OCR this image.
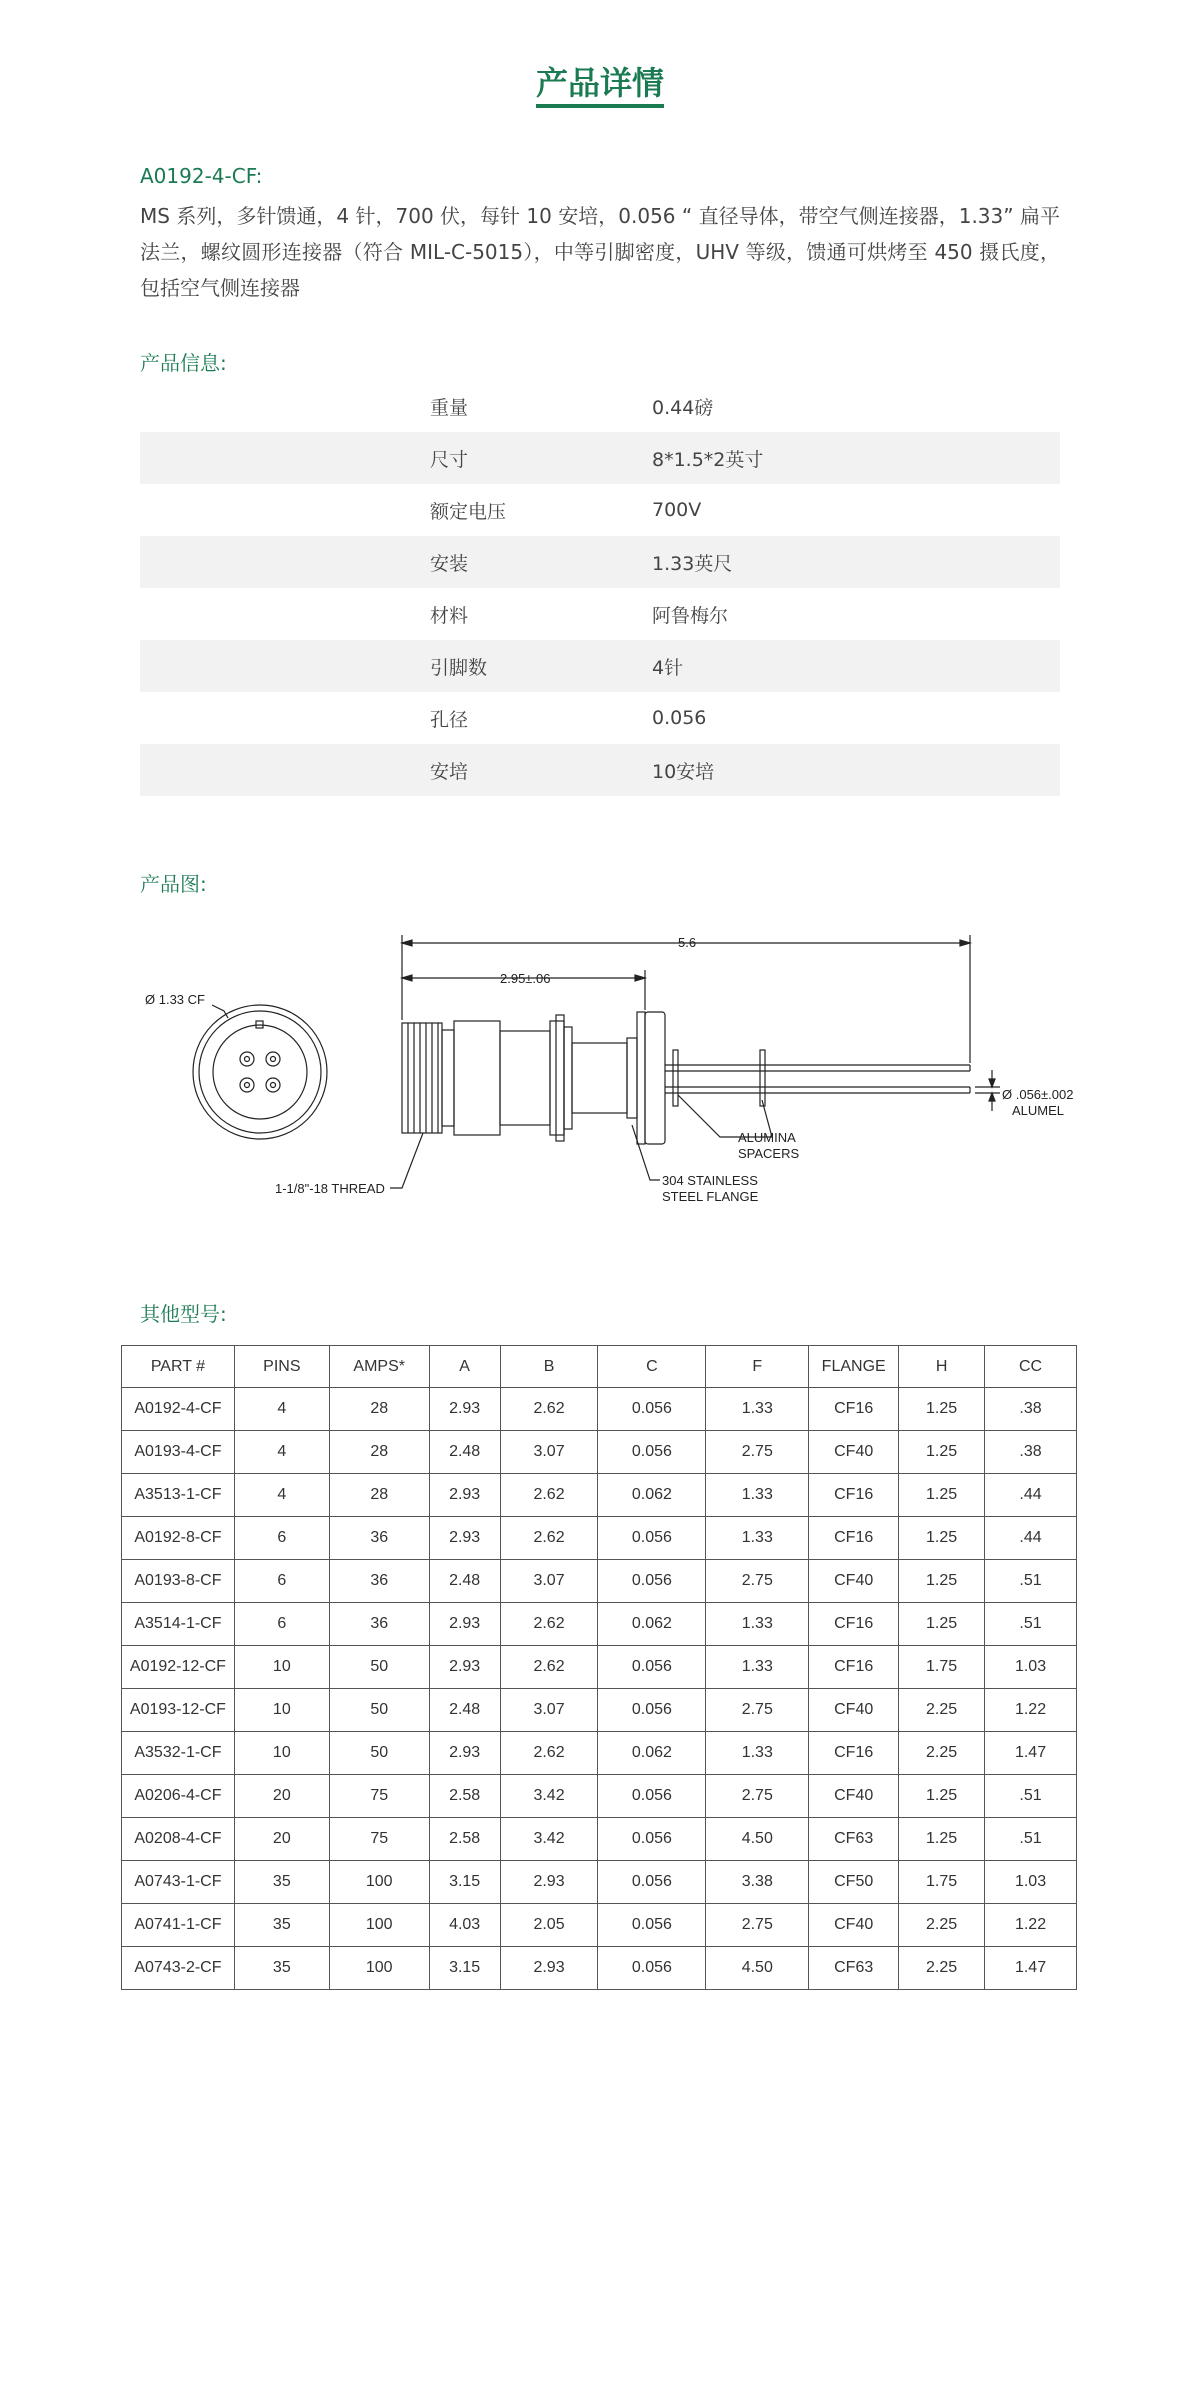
产品详情
A0192-4-CF:
MS 系列，多针馈通，4 针，700 伏，每针 10 安培，0.056 “ 直径导体，带空气侧连接器，1.33” 扁平法兰，螺纹圆形连接器（符合 MIL-C-5015），中等引脚密度，UHV 等级，馈通可烘烤至 450 摄氏度，包括空气侧连接器
产品信息:
重量	0.44磅
尺寸	8*1.5*2英寸
额定电压	700V
安装	1.33英尺
材料	阿鲁梅尔
引脚数	4针
孔径	0.056
安培	10安培
产品图:
Ø 1.33 CF
5.6
2.95±.06
1-1/8"-18 THREAD
ALUMINA
SPACERS
304 STAINLESS
STEEL FLANGE
Ø .056±.002
ALUMEL
其他型号:
PART #	PINS	AMPS*	A	B	C	F	FLANGE	H	CC
A0192-4-CF	4	28	2.93	2.62	0.056	1.33	CF16	1.25	.38
A0193-4-CF	4	28	2.48	3.07	0.056	2.75	CF40	1.25	.38
A3513-1-CF	4	28	2.93	2.62	0.062	1.33	CF16	1.25	.44
A0192-8-CF	6	36	2.93	2.62	0.056	1.33	CF16	1.25	.44
A0193-8-CF	6	36	2.48	3.07	0.056	2.75	CF40	1.25	.51
A3514-1-CF	6	36	2.93	2.62	0.062	1.33	CF16	1.25	.51
A0192-12-CF	10	50	2.93	2.62	0.056	1.33	CF16	1.75	1.03
A0193-12-CF	10	50	2.48	3.07	0.056	2.75	CF40	2.25	1.22
A3532-1-CF	10	50	2.93	2.62	0.062	1.33	CF16	2.25	1.47
A0206-4-CF	20	75	2.58	3.42	0.056	2.75	CF40	1.25	.51
A0208-4-CF	20	75	2.58	3.42	0.056	4.50	CF63	1.25	.51
A0743-1-CF	35	100	3.15	2.93	0.056	3.38	CF50	1.75	1.03
A0741-1-CF	35	100	4.03	2.05	0.056	2.75	CF40	2.25	1.22
A0743-2-CF	35	100	3.15	2.93	0.056	4.50	CF63	2.25	1.47
